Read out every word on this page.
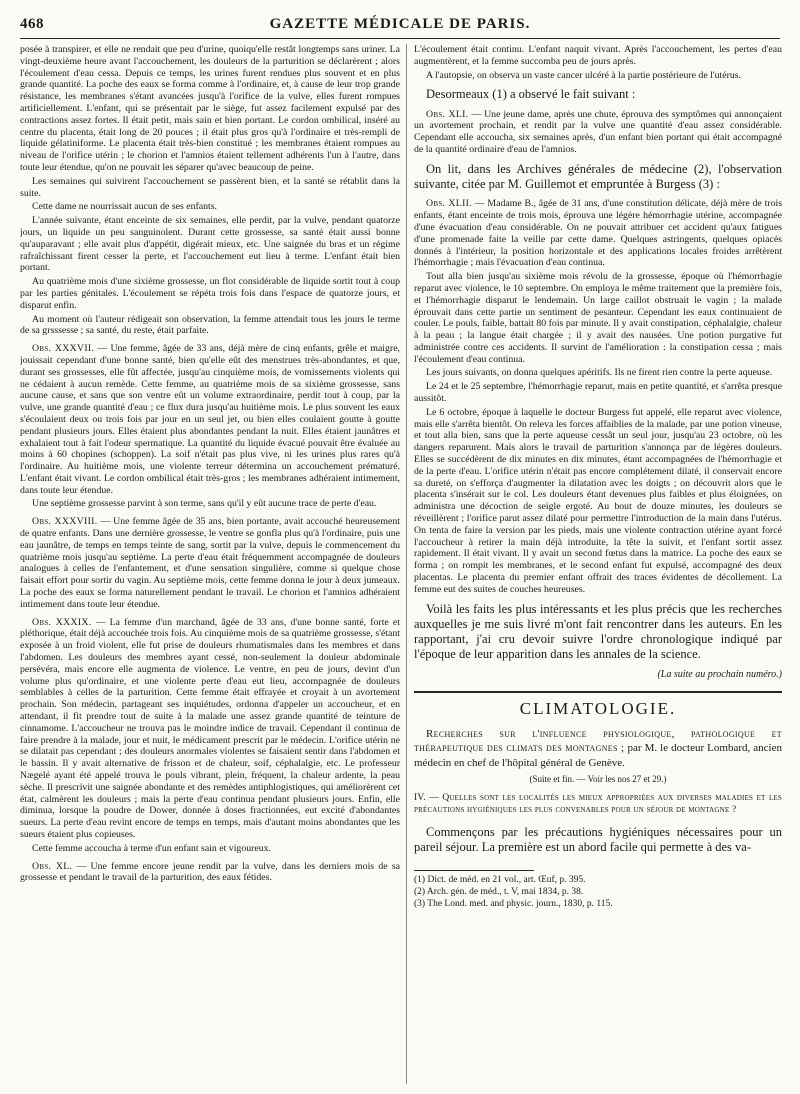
468	GAZETTE MÉDICALE DE PARIS.

posée à transpirer, et elle ne rendait que peu d'urine, quoiqu'elle restât longtemps sans uriner. La vingt-deuxième heure avant l'accouchement, les douleurs de la parturition se déclarèrent ; alors l'écoulement d'eau cessa. Depuis ce temps, les urines furent rendues plus souvent et en plus grande quantité. La poche des eaux se forma comme à l'ordinaire, et, à cause de leur trop grande résistance, les membranes s'étant avancées jusqu'à l'orifice de la vulve, elles furent rompues artificiellement. L'enfant, qui se présentait par le siège, fut assez facilement expulsé par des contractions assez fortes. Il était petit, mais sain et bien portant. Le cordon ombilical, inséré au centre du placenta, était long de 20 pouces ; il était plus gros qu'à l'ordinaire et très-rempli de liquide gélatiniforme. Le placenta était très-bien constitué ; les membranes étaient rompues au niveau de l'orifice utérin ; le chorion et l'amnios étaient tellement adhérents l'un à l'autre, dans toute leur étendue, qu'on ne pouvait les séparer qu'avec beaucoup de peine.

Les semaines qui suivirent l'accouchement se passèrent bien, et la santé se rétablit dans la suite.

Cette dame ne nourrissait aucun de ses enfants.

L'année suivante, étant enceinte de six semaines, elle perdit, par la vulve, pendant quatorze jours, un liquide un peu sanguinolent. Durant cette grossesse, sa santé était aussi bonne qu'auparavant ; elle avait plus d'appétit, digérait mieux, etc. Une saignée du bras et un régime rafraîchissant firent cesser la perte, et l'accouchement eut lieu à terme. L'enfant était bien portant.

Au quatrième mois d'une sixième grossesse, un flot considérable de liquide sortit tout à coup par les parties génitales. L'écoulement se répéta trois fois dans l'espace de quatorze jours, et disparut enfin.

Au moment où l'auteur rédigeait son observation, la femme attendait tous les jours le terme de sa grsssesse ; sa santé, du reste, était parfaite.

Obs. XXXVII. — Une femme, âgée de 33 ans, déjà mère de cinq enfants, grêle et maigre, jouissait cependant d'une bonne santé, bien qu'elle eût des menstrues très-abondantes, et que, durant ses grossesses, elle fût affectée, jusqu'au cinquième mois, de vomissements violents qui ne cédaient à aucun remède. Cette femme, au quatrième mois de sa sixième grossesse, sans aucune cause, et sans que son ventre eût un volume extraordinaire, perdit tout à coup, par la vulve, une grande quantité d'eau ; ce flux dura jusqu'au huitième mois. Le plus souvent les eaux s'écoulaient deux ou trois fois par jour en un seul jet, ou bien elles coulaient goutte à goutte pendant plusieurs jours. Elles étaient plus abondantes pendant la nuit. Elles étaient jaunâtres et exhalaient tout à fait l'odeur spermatique. La quantité du liquide évacué pouvait être évaluée au moins à 60 chopines (schoppen). La soif n'était pas plus vive, ni les urines plus rares qu'à l'ordinaire. Au huitième mois, une violente terreur détermina un accouchement prématuré. L'enfant était vivant. Le cordon ombilical était très-gros ; les membranes adhéraient intimement, dans toute leur étendue.

Une septième grossesse parvint à son terme, sans qu'il y eût aucune trace de perte d'eau.

Obs. XXXVIII. — Une femme âgée de 35 ans, bien portante, avait accouché heureusement de quatre enfants. Dans une dernière grossesse, le ventre se gonfla plus qu'à l'ordinaire, puis une eau jaunâtre, de temps en temps teinte de sang, sortit par la vulve, depuis le commencement du quatrième mois jusqu'au septième. La perte d'eau était fréquemment accompagnée de douleurs analogues à celles de l'enfantement, et d'une sensation singulière, comme si quelque chose faisait effort pour sortir du vagin. Au septième mois, cette femme donna le jour à deux jumeaux. La poche des eaux se forma naturellement pendant le travail. Le chorion et l'amnios adhéraient intimement dans toute leur étendue.

Obs. XXXIX. — La femme d'un marchand, âgée de 33 ans, d'une bonne santé, forte et pléthorique, était déjà accouchée trois fois. Au cinquième mois de sa quatrième grossesse, s'étant exposée à un froid violent, elle fut prise de douleurs rhumatismales dans les membres et dans l'abdomen. Les douleurs des membres ayant cessé, non-seulement la douleur abdominale persévéra, mais encore elle augmenta de violence. Le ventre, en peu de jours, devint d'un volume plus qu'ordinaire, et une violente perte d'eau eut lieu, accompagnée de douleurs semblables à celles de la parturition. Cette femme était effrayée et croyait à un avortement prochain. Son médecin, partageant ses inquiétudes, ordonna d'appeler un accoucheur, et en attendant, il fit prendre tout de suite à la malade une assez grande quantité de teinture de cinnamome. L'accoucheur ne trouva pas le moindre indice de travail. Cependant il continua de faire prendre à la malade, jour et nuit, le médicament prescrit par le médecin. L'orifice utérin ne se dilatait pas cependant ; des douleurs anormales violentes se faisaient sentir dans l'abdomen et le bassin. Il y avait alternative de frisson et de chaleur, soif, céphalalgie, etc. Le professeur Nægelé ayant été appelé trouva le pouls vibrant, plein, fréquent, la chaleur ardente, la peau sèche. Il prescrivit une saignée abondante et des remèdes antiphlogistiques, qui améliorèrent cet état, calmèrent les douleurs ; mais la perte d'eau continua pendant plusieurs jours. Enfin, elle diminua, lorsque la poudre de Dower, donnée à doses fractionnées, eut excité d'abondantes sueurs. La perte d'eau revint encore de temps en temps, mais d'autant moins abondantes que les sueurs étaient plus copieuses.

Cette femme accoucha à terme d'un enfant sain et vigoureux.

Obs. XL. — Une femme encore jeune rendit par la vulve, dans les derniers mois de sa grossesse et pendant le travail de la parturition, des eaux fétides.

L'écoulement était continu. L'enfant naquit vivant. Après l'accouchement, les pertes d'eau augmentèrent, et la femme succomba peu de jours après.

A l'autopsie, on observa un vaste cancer ulcéré à la partie postérieure de l'utérus.

Desormeaux (1) a observé le fait suivant :

Obs. XLI. — Une jeune dame, après une chute, éprouva des symptômes qui annonçaient un avortement prochain, et rendit par la vulve une quantité d'eau assez considérable. Cependant elle accoucha, six semaines après, d'un enfant bien portant qui était accompagné de la quantité ordinaire d'eau de l'amnios.

On lit, dans les Archives générales de médecine (2), l'observation suivante, citée par M. Guillemot et empruntée à Burgess (3) :

Obs. XLII. — Madame B., âgée de 31 ans, d'une constitution délicate, déjà mère de trois enfants, étant enceinte de trois mois, éprouva une légère hémorrhagie utérine, accompagnée d'une évacuation d'eau considérable. On ne pouvait attribuer cet accident qu'aux fatigues d'une promenade faite la veille par cette dame. Quelques astringents, quelques opiacés donnés à l'intérieur, la position horizontale et des applications locales froides arrêtèrent l'hémorrhagie ; mais l'évacuation d'eau continua.

Tout alla bien jusqu'au sixième mois révolu de la grossesse, époque où l'hémorrhagie reparut avec violence, le 10 septembre. On employa le même traitement que la première fois, et l'hémorrhagie disparut le lendemain. Un large caillot obstruait le vagin ; la malade éprouvait dans cette partie un sentiment de pesanteur. Cependant les eaux continuaient de couler. Le pouls, faible, battait 80 fois par minute. Il y avait constipation, céphalalgie, chaleur à la peau ; la langue était chargée ; il y avait des nausées. Une potion purgative fut administrée contre ces accidents. Il survint de l'amélioration : la constipation cessa ; mais l'écoulement d'eau continua.

Les jours suivants, on donna quelques apéritifs. Ils ne firent rien contre la perte aqueuse.

Le 24 et le 25 septembre, l'hémorrhagie reparut, mais en petite quantité, et s'arrêta presque aussitôt.

Le 6 octobre, époque à laquelle le docteur Burgess fut appelé, elle reparut avec violence, mais elle s'arrêta bientôt. On releva les forces affaiblies de la malade, par une potion vineuse, et tout alla bien, sans que la perte aqueuse cessât un seul jour, jusqu'au 23 octobre, où les dangers reparurent. Mais alors le travail de parturition s'annonça par de légères douleurs. Elles se succédèrent de dix minutes en dix minutes, étant accompagnées de l'hémorrhagie et de la perte d'eau. L'orifice utérin n'était pas encore complétement dilaté, il conservait encore sa dureté, on s'efforça d'augmenter la dilatation avec les doigts ; on découvrit alors que le placenta s'insérait sur le col. Les douleurs étant devenues plus faibles et plus éloignées, on administra une décoction de seigle ergoté. Au bout de douze minutes, les douleurs se réveillèrent ; l'orifice parut assez dilaté pour permettre l'introduction de la main dans l'utérus. On tenta de faire la version par les pieds, mais une violente contraction utérine ayant forcé l'accoucheur à retirer la main déjà introduite, la tête la suivit, et l'enfant sortit assez rapidement. Il était vivant. Il y avait un second fœtus dans la matrice. La poche des eaux se forma ; on rompit les membranes, et le second enfant fut expulsé, accompagné des deux placentas. Le placenta du premier enfant offrait des traces évidentes de décollement. La femme eut des suites de couches heureuses.

Voilà les faits les plus intéressants et les plus précis que les recherches auxquelles je me suis livré m'ont fait rencontrer dans les auteurs. En les rapportant, j'ai cru devoir suivre l'ordre chronologique indiqué par l'époque de leur apparition dans les annales de la science.

(La suite au prochain numéro.)
CLIMATOLOGIE.

Recherches sur l'influence physiologique, pathologique et thérapeutique des climats des montagnes ; par M. le docteur Lombard, ancien médecin en chef de l'hôpital général de Genève.

(Suite et fin. — Voir les nos 27 et 29.)
IV. — Quelles sont les localités les mieux appropriées aux diverses maladies et les précautions hygiéniques les plus convenables pour un séjour de montagne ?

Commençons par les précautions hygiéniques nécessaires pour un pareil séjour. La première est un abord facile qui permette à des va-

(1) Dict. de méd. en 21 vol., art. Œuf, p. 395.
(2) Arch. gén. de méd., t. V, mai 1834, p. 38.
(3) The Lond. med. and physic. journ., 1830, p. 115.
